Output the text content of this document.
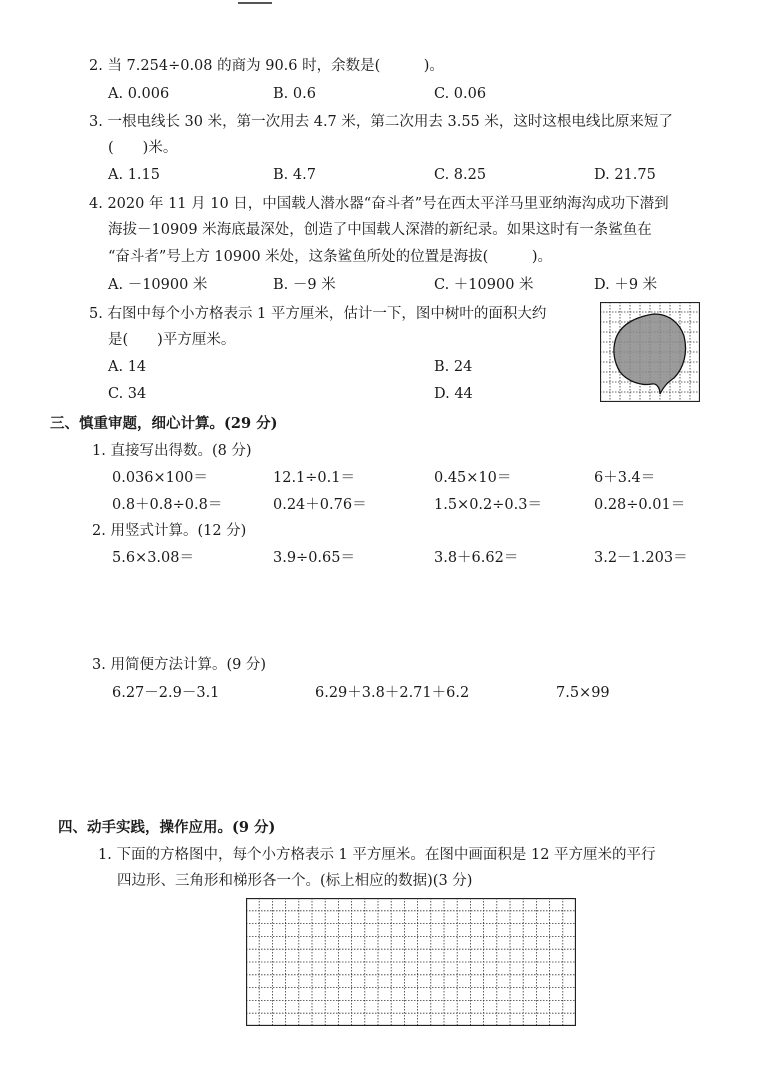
2. 当 7.254÷0.08 的商为 90.6 时，余数是(　　　)。
A. 0.006	B. 0.6	C. 0.06
3. 一根电线长 30 米，第一次用去 4.7 米，第二次用去 3.55 米，这时这根电线比原来短了
(　　)米。
A. 1.15	B. 4.7	C. 8.25	D. 21.75
4. 2020 年 11 月 10 日，中国载人潜水器“奋斗者”号在西太平洋马里亚纳海沟成功下潜到
海拔－10909 米海底最深处，创造了中国载人深潜的新纪录。如果这时有一条鲨鱼在
“奋斗者”号上方 10900 米处，这条鲨鱼所处的位置是海拔(　　　)。
A. －10900 米	B. －9 米	C. ＋10900 米	D. ＋9 米
5. 右图中每个小方格表示 1 平方厘米，估计一下，图中树叶的面积大约
是(　　)平方厘米。
A. 14	B. 24
C. 34	D. 44
三、慎重审题，细心计算。(29 分)
1. 直接写出得数。(8 分)
0.036×100＝	12.1÷0.1＝	0.45×10＝	6＋3.4＝
0.8＋0.8÷0.8＝	0.24＋0.76＝	1.5×0.2÷0.3＝	0.28÷0.01＝
2. 用竖式计算。(12 分)
5.6×3.08＝	3.9÷0.65＝	3.8＋6.62＝	3.2－1.203＝
3. 用简便方法计算。(9 分)
6.27－2.9－3.1	6.29＋3.8＋2.71＋6.2	7.5×99
四、动手实践，操作应用。(9 分)
1. 下面的方格图中，每个小方格表示 1 平方厘米。在图中画面积是 12 平方厘米的平行
四边形、三角形和梯形各一个。(标上相应的数据)(3 分)
